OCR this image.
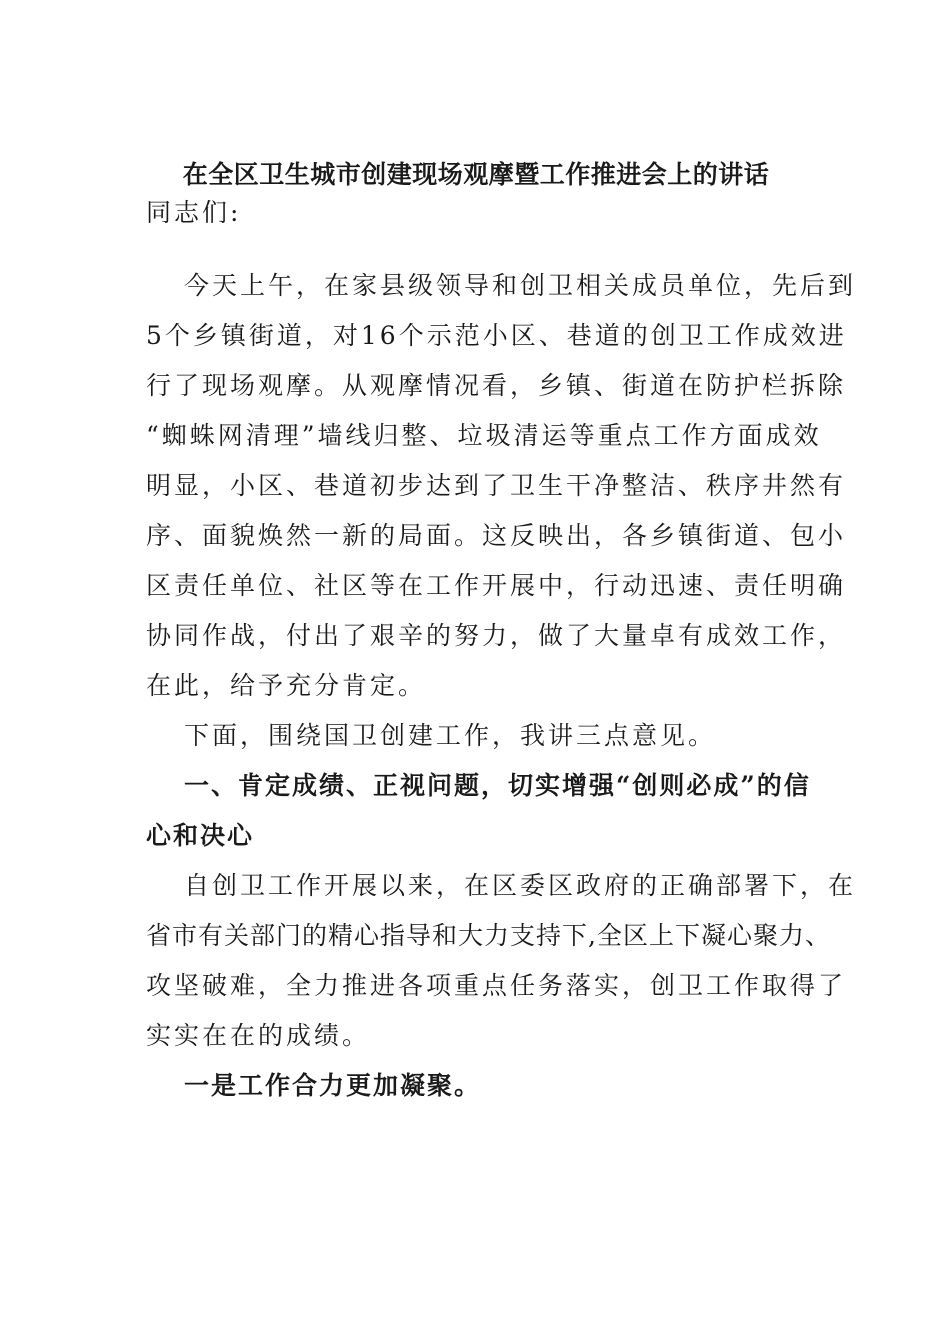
在全区卫生城市创建现场观摩暨工作推进会上的讲话
同志们:
今天上午，在家县级领导和创卫相关成员单位，先后到
5个乡镇街道，对16个示范小区、巷道的创卫工作成效进
行了现场观摩。从观摩情况看，乡镇、街道在防护栏拆除
“蜘蛛网清理”墙线归整、垃圾清运等重点工作方面成效
明显，小区、巷道初步达到了卫生干净整洁、秩序井然有
序、面貌焕然一新的局面。这反映出，各乡镇街道、包小
区责任单位、社区等在工作开展中，行动迅速、责任明确
协同作战，付出了艰辛的努力，做了大量卓有成效工作，
在此，给予充分肯定。
下面，围绕国卫创建工作，我讲三点意见。
一、肯定成绩、正视问题，切实增强“创则必成”的信
心和决心
自创卫工作开展以来，在区委区政府的正确部署下，在
省市有关部门的精心指导和大力支持下,全区上下凝心聚力、
攻坚破难，全力推进各项重点任务落实，创卫工作取得了
实实在在的成绩。
一是工作合力更加凝聚。
